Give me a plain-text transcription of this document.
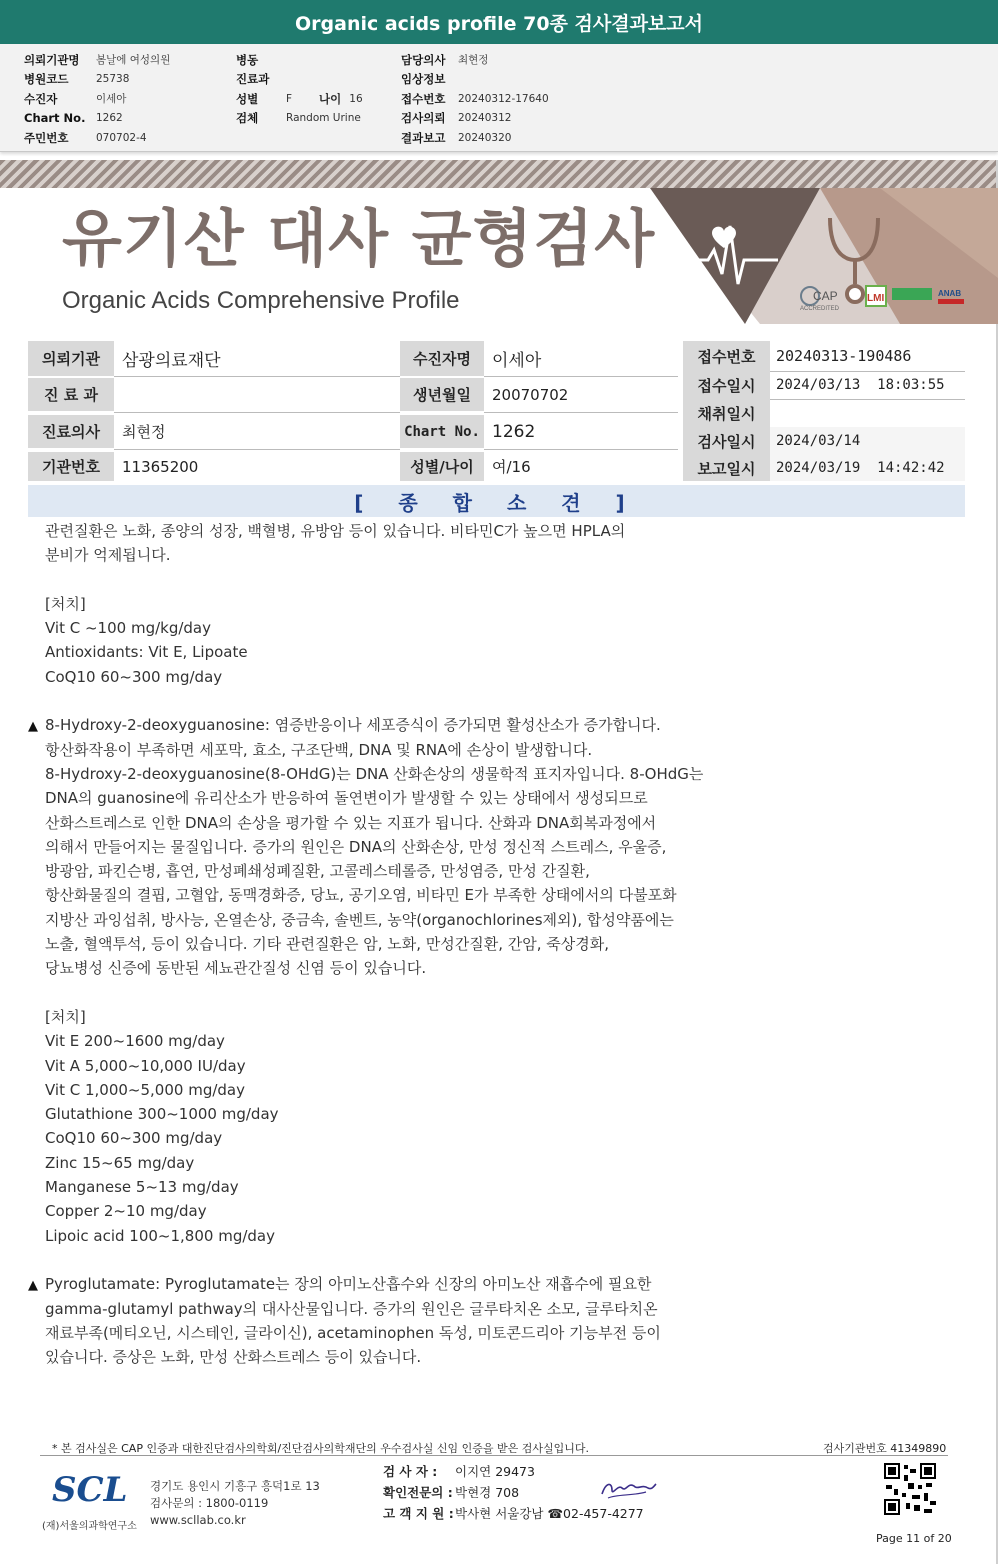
Organic acids profile 70종 검사결과보고서
의뢰기관명	봄날에 여성의원
병원코드	25738
수진자	이세아
Chart No.	1262
주민번호	070702-4
병동
진료과
성별	F 나이 16
검체	Random Urine
담당의사	최현정
임상정보
접수번호	20240312-17640
검사의뢰	20240312
결과보고	20240320
유기산 대사 균형검사
Organic Acids Comprehensive Profile	CAP
ACCREDITED
LMI	ANAB
의뢰기관	삼광의료재단
진 료 과
진료의사	최현정
기관번호	11365200
수진자명	이세아
생년월일	20070702
Chart No. 1262
성별/나이	여/16
접수번호	20240313-190486
접수일시	2024/03/13  18:03:55
채취일시
검사일시	2024/03/14
보고일시	2024/03/19  14:42:42
[ 종 합 소 견 ]
관련질환은 노화, 종양의 성장, 백혈병, 유방암 등이 있습니다. 비타민C가 높으면 HPLA의
분비가 억제됩니다.
[처치]
Vit C ~100 mg/kg/day
Antioxidants: Vit E, Lipoate
CoQ10 60~300 mg/day
▲ 8-Hydroxy-2-deoxyguanosine: 염증반응이나 세포증식이 증가되면 활성산소가 증가합니다.
항산화작용이 부족하면 세포막, 효소, 구조단백, DNA 및 RNA에 손상이 발생합니다.
8-Hydroxy-2-deoxyguanosine(8-OHdG)는 DNA 산화손상의 생물학적 표지자입니다. 8-OHdG는
DNA의 guanosine에 유리산소가 반응하여 돌연변이가 발생할 수 있는 상태에서 생성되므로
산화스트레스로 인한 DNA의 손상을 평가할 수 있는 지표가 됩니다. 산화과 DNA회복과정에서
의해서 만들어지는 물질입니다. 증가의 원인은 DNA의 산화손상, 만성 정신적 스트레스, 우울증,
방광암, 파킨슨병, 흡연, 만성폐쇄성폐질환, 고콜레스테롤증, 만성염증, 만성 간질환,
항산화물질의 결핍, 고혈압, 동맥경화증, 당뇨, 공기오염, 비타민 E가 부족한 상태에서의 다불포화
지방산 과잉섭취, 방사능, 온열손상, 중금속, 솔벤트, 농약(organochlorines제외), 합성약품에는
노출, 혈액투석, 등이 있습니다. 기타 관련질환은 암, 노화, 만성간질환, 간암, 죽상경화,
당뇨병성 신증에 동반된 세뇨관간질성 신염 등이 있습니다.
[처치]
Vit E 200~1600 mg/day
Vit A 5,000~10,000 IU/day
Vit C 1,000~5,000 mg/day
Glutathione 300~1000 mg/day
CoQ10 60~300 mg/day
Zinc 15~65 mg/day
Manganese 5~13 mg/day
Copper 2~10 mg/day
Lipoic acid 100~1,800 mg/day
▲ Pyroglutamate: Pyroglutamate는 장의 아미노산흡수와 신장의 아미노산 재흡수에 필요한
gamma-glutamyl pathway의 대사산물입니다. 증가의 원인은 글루타치온 소모, 글루타치온
재료부족(메티오닌, 시스테인, 글라이신), acetaminophen 독성, 미토콘드리아 기능부전 등이
있습니다. 증상은 노화, 만성 산화스트레스 등이 있습니다.
* 본 검사실은 CAP 인증과 대한진단검사의학회/진단검사의학재단의 우수검사실 신임 인증을 받은 검사실입니다.	검사기관번호 41349890
SCL
(재)서울의과학연구소
경기도 용인시 기흥구 흥덕1로 13
검사문의 : 1800-0119
www.scllab.co.kr
검 사 자 : 이지연 29473
확인전문의 : 박현경 708
고 객 지 원 :박사현 서울강남 ☎02-457-4277
Page 11 of 20
